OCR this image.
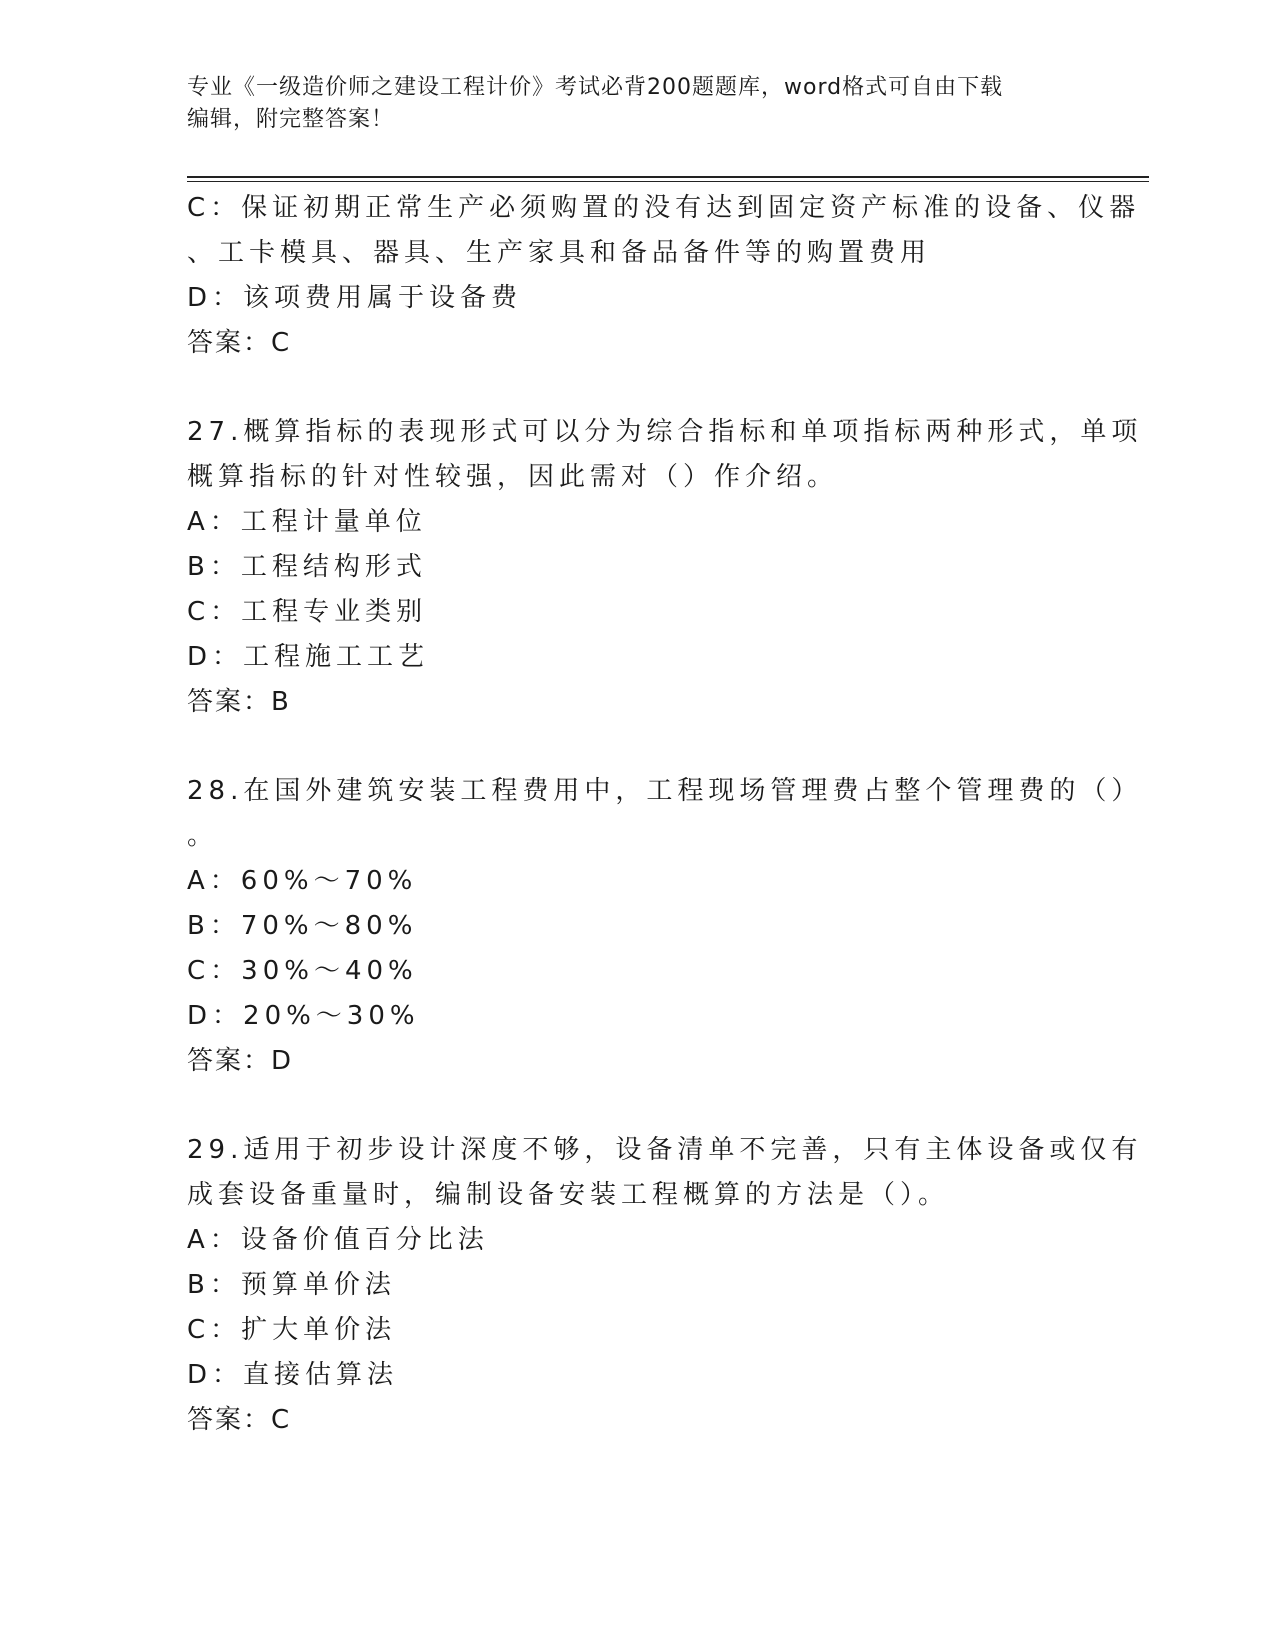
专业《一级造价师之建设工程计价》考试必背200题题库，word格式可自由下载
编辑，附完整答案！
C：保证初期正常生产必须购置的没有达到固定资产标准的设备、仪器
、工卡模具、器具、生产家具和备品备件等的购置费用
D：该项费用属于设备费
答案：C
27.概算指标的表现形式可以分为综合指标和单项指标两种形式，单项
概算指标的针对性较强，因此需对（）作介绍。
A：工程计量单位
B：工程结构形式
C：工程专业类别
D：工程施工工艺
答案：B
28.在国外建筑安装工程费用中，工程现场管理费占整个管理费的（）
。
A：60%～70%
B：70%～80%
C：30%～40%
D：20%～30%
答案：D
29.适用于初步设计深度不够，设备清单不完善，只有主体设备或仅有
成套设备重量时，编制设备安装工程概算的方法是（）。
A：设备价值百分比法
B：预算单价法
C：扩大单价法
D：直接估算法
答案：C
